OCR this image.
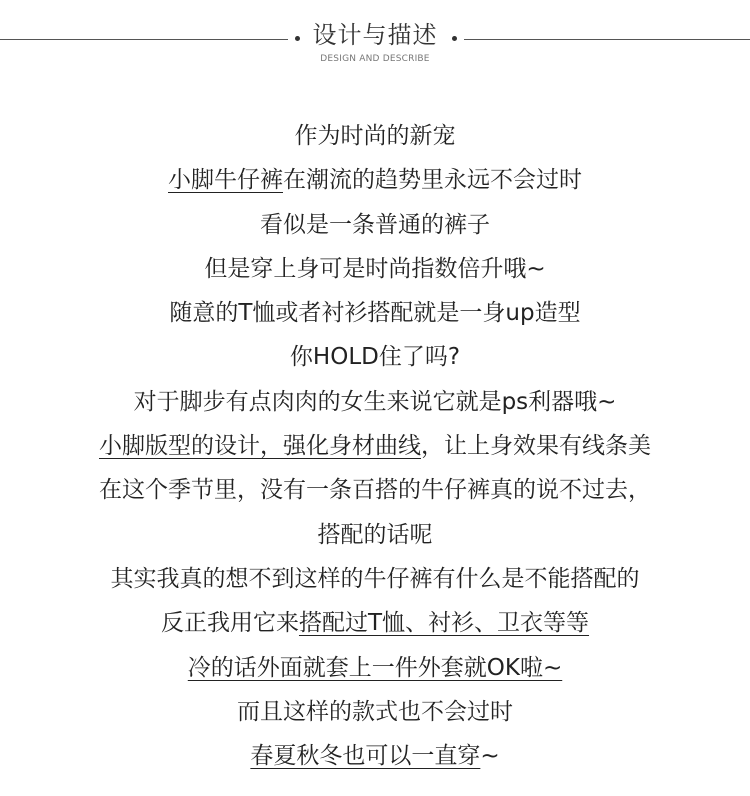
设计与描述
DESIGN AND DESCRIBE
作为时尚的新宠
小脚牛仔裤在潮流的趋势里永远不会过时
看似是一条普通的裤子
但是穿上身可是时尚指数倍升哦~
随意的T恤或者衬衫搭配就是一身up造型
你HOLD住了吗?
对于脚步有点肉肉的女生来说它就是ps利器哦~
小脚版型的设计，强化身材曲线，让上身效果有线条美
在这个季节里，没有一条百搭的牛仔裤真的说不过去，
搭配的话呢
其实我真的想不到这样的牛仔裤有什么是不能搭配的
反正我用它来搭配过T恤、衬衫、卫衣等等
冷的话外面就套上一件外套就OK啦~
而且这样的款式也不会过时
春夏秋冬也可以一直穿~
